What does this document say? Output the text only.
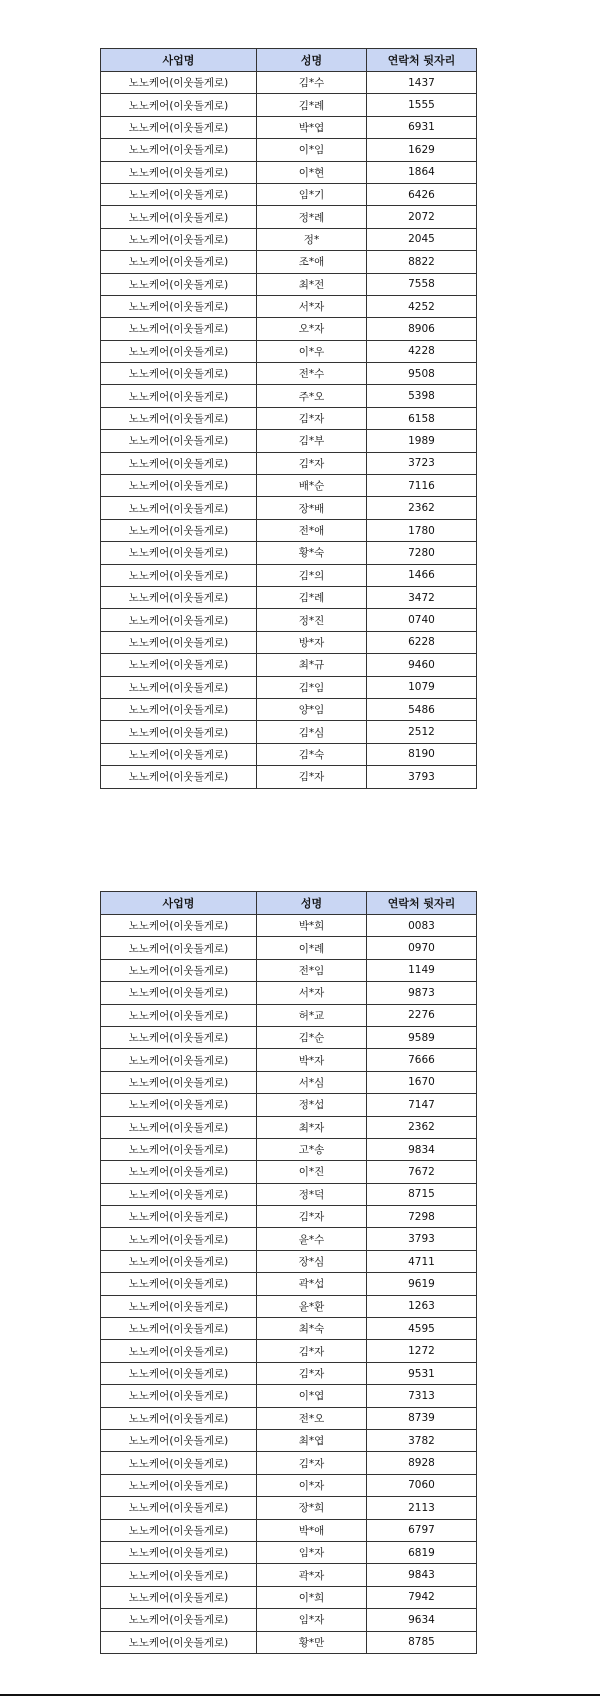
사업명	성명	연락처 뒷자리
노노케어(이웃돌게로)	김*수	1437
노노케어(이웃돌게로)	김*례	1555
노노케어(이웃돌게로)	박*엽	6931
노노케어(이웃돌게로)	이*임	1629
노노케어(이웃돌게로)	이*현	1864
노노케어(이웃돌게로)	임*기	6426
노노케어(이웃돌게로)	정*례	2072
노노케어(이웃돌게로)	정*	2045
노노케어(이웃돌게로)	조*애	8822
노노케어(이웃돌게로)	최*전	7558
노노케어(이웃돌게로)	서*자	4252
노노케어(이웃돌게로)	오*자	8906
노노케어(이웃돌게로)	이*우	4228
노노케어(이웃돌게로)	전*수	9508
노노케어(이웃돌게로)	주*오	5398
노노케어(이웃돌게로)	김*자	6158
노노케어(이웃돌게로)	김*부	1989
노노케어(이웃돌게로)	김*자	3723
노노케어(이웃돌게로)	배*순	7116
노노케어(이웃돌게로)	장*배	2362
노노케어(이웃돌게로)	전*애	1780
노노케어(이웃돌게로)	황*숙	7280
노노케어(이웃돌게로)	김*의	1466
노노케어(이웃돌게로)	김*례	3472
노노케어(이웃돌게로)	정*진	0740
노노케어(이웃돌게로)	방*자	6228
노노케어(이웃돌게로)	최*규	9460
노노케어(이웃돌게로)	김*임	1079
노노케어(이웃돌게로)	양*임	5486
노노케어(이웃돌게로)	김*심	2512
노노케어(이웃돌게로)	김*숙	8190
노노케어(이웃돌게로)	김*자	3793
사업명	성명	연락처 뒷자리
노노케어(이웃돌게로)	박*희	0083
노노케어(이웃돌게로)	이*례	0970
노노케어(이웃돌게로)	전*임	1149
노노케어(이웃돌게로)	서*자	9873
노노케어(이웃돌게로)	허*교	2276
노노케어(이웃돌게로)	김*순	9589
노노케어(이웃돌게로)	박*자	7666
노노케어(이웃돌게로)	서*심	1670
노노케어(이웃돌게로)	정*섭	7147
노노케어(이웃돌게로)	최*자	2362
노노케어(이웃돌게로)	고*송	9834
노노케어(이웃돌게로)	이*진	7672
노노케어(이웃돌게로)	정*덕	8715
노노케어(이웃돌게로)	김*자	7298
노노케어(이웃돌게로)	윤*수	3793
노노케어(이웃돌게로)	장*심	4711
노노케어(이웃돌게로)	곽*섭	9619
노노케어(이웃돌게로)	윤*환	1263
노노케어(이웃돌게로)	최*숙	4595
노노케어(이웃돌게로)	김*자	1272
노노케어(이웃돌게로)	김*자	9531
노노케어(이웃돌게로)	이*엽	7313
노노케어(이웃돌게로)	전*오	8739
노노케어(이웃돌게로)	최*엽	3782
노노케어(이웃돌게로)	김*자	8928
노노케어(이웃돌게로)	이*자	7060
노노케어(이웃돌게로)	장*희	2113
노노케어(이웃돌게로)	박*애	6797
노노케어(이웃돌게로)	임*자	6819
노노케어(이웃돌게로)	곽*자	9843
노노케어(이웃돌게로)	이*희	7942
노노케어(이웃돌게로)	임*자	9634
노노케어(이웃돌게로)	황*만	8785
